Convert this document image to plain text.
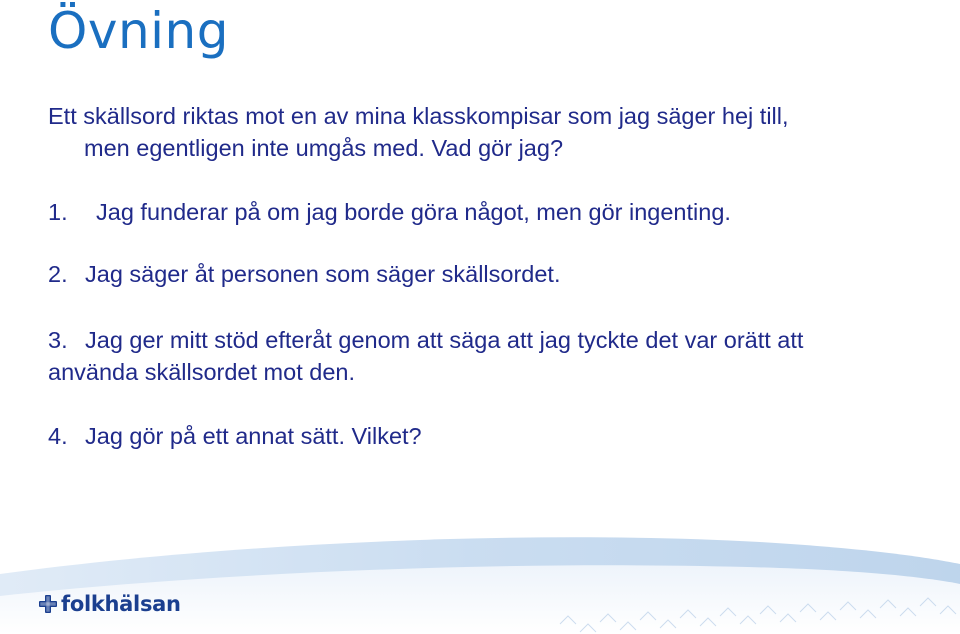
Övning

Ett skällsord riktas mot en av mina klasskompisar som jag säger hej till,
men egentligen inte umgås med. Vad gör jag?

1. Jag funderar på om jag borde göra något, men gör ingenting.

2. Jag säger åt personen som säger skällsordet.

3. Jag ger mitt stöd efteråt genom att säga att jag tyckte det var orätt att
använda skällsordet mot den.

4. Jag gör på ett annat sätt. Vilket?

folkhälsan
